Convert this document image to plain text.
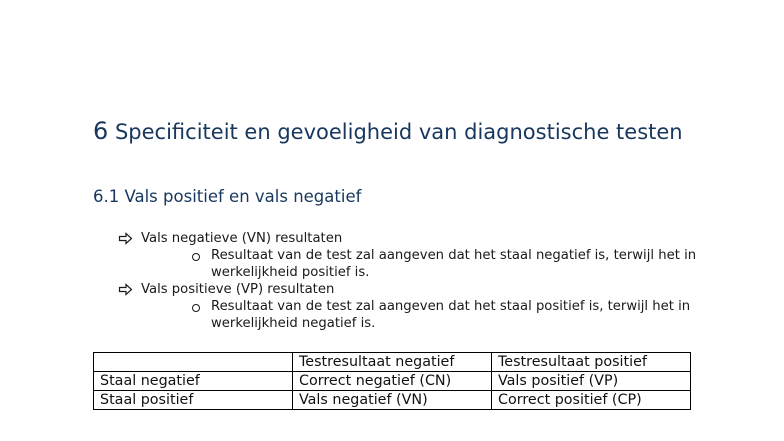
6 Specificiteit en gevoeligheid van diagnostische testen
6.1 Vals positief en vals negatief
Vals negatieve (VN) resultaten
Resultaat van de test zal aangeven dat het staal negatief is, terwijl het in werkelijkheid positief is.
Vals positieve (VP) resultaten
Resultaat van de test zal aangeven dat het staal positief is, terwijl het in werkelijkheid negatief is.
	Testresultaat negatief	Testresultaat positief
Staal negatief	Correct negatief (CN)	Vals positief (VP)
Staal positief	Vals negatief (VN)	Correct positief (CP)
